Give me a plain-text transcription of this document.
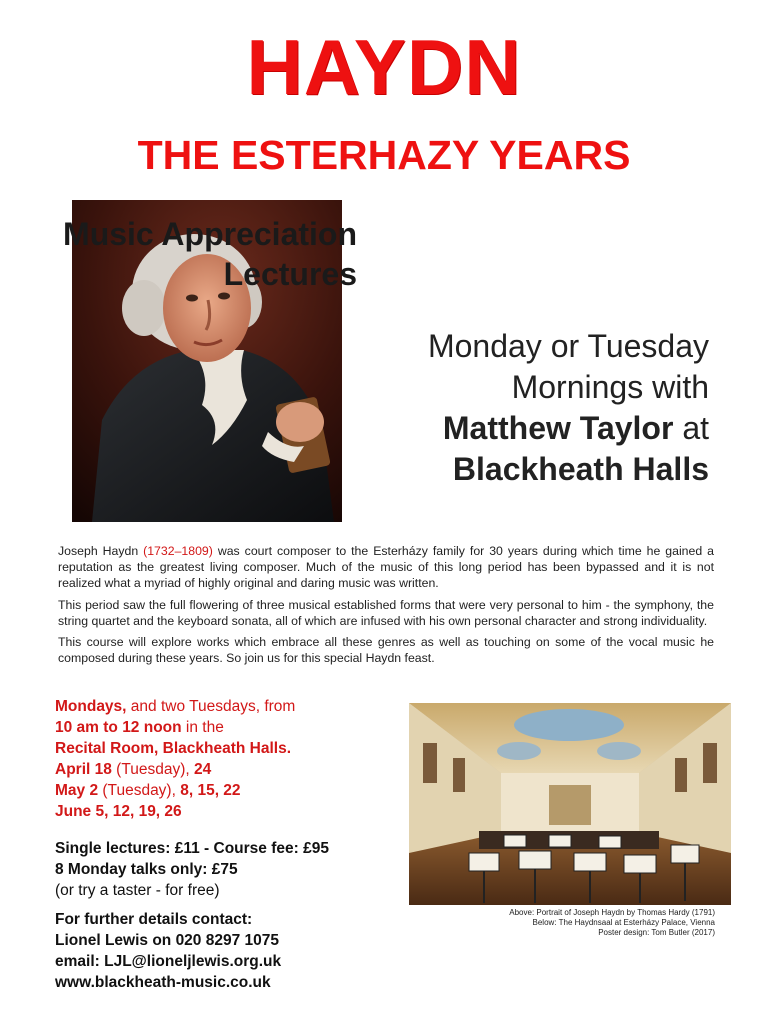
HAYDN
THE ESTERHAZY YEARS
Music Appreciation
Lectures
Monday or Tuesday
Mornings with
Matthew Taylor at
Blackheath Halls

Joseph Haydn (1732–1809) was court composer to the Esterházy family for 30 years during which time he gained a reputation as the greatest living composer. Much of the music of this long period has been bypassed and it is not realized what a myriad of highly original and daring music was written.

This period saw the full flowering of three musical established forms that were very personal to him - the symphony, the string quartet and the keyboard sonata, all of which are infused with his own personal character and strong individuality.

This course will explore works which embrace all these genres as well as touching on some of the vocal music he composed during these years. So join us for this special Haydn feast.

Mondays, and two Tuesdays, from
10 am to 12 noon in the
Recital Room, Blackheath Halls.
April 18 (Tuesday), 24
May 2 (Tuesday), 8, 15, 22
June 5, 12, 19, 26
Single lectures: £11 - Course fee: £95
8 Monday talks only: £75
(or try a taster - for free)
For further details contact:
Lionel Lewis on 020 8297 1075
email: LJL@lioneljlewis.org.uk
www.blackheath-music.co.uk
Above: Portrait of Joseph Haydn by Thomas Hardy (1791)
Below: The Haydnsaal at Esterházy Palace, Vienna
Poster design: Tom Butler (2017)
